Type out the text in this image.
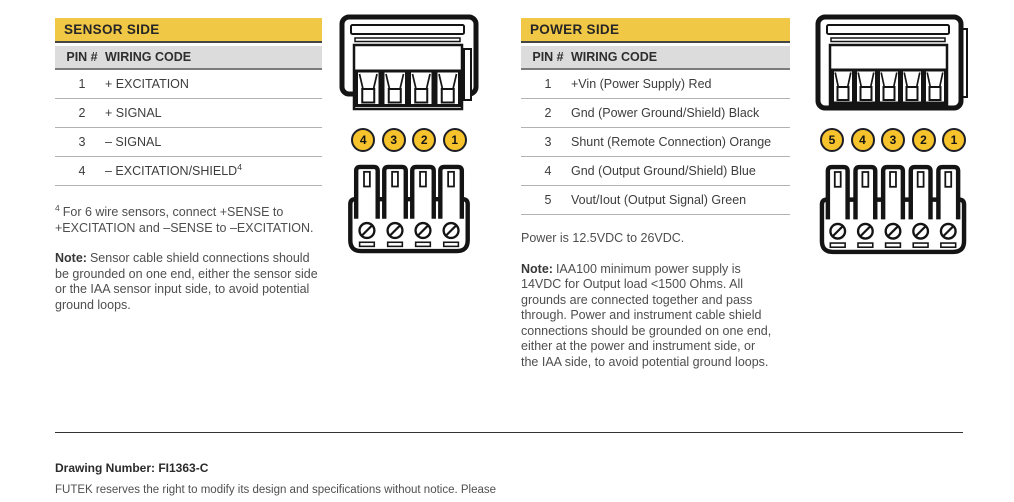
SENSOR SIDE
PIN # WIRING CODE
1	+ EXCITATION
2	+ SIGNAL
3	– SIGNAL
4	– EXCITATION/SHIELD$^4$

$^4$ For 6 wire sensors, connect +SENSE to +EXCITATION and –SENSE to –EXCITATION.

Note: Sensor cable shield connections should be grounded on one end, either the sensor side or the IAA sensor input side, to avoid potential ground loops.

4	3	2	1
POWER SIDE
PIN # WIRING CODE
1	+Vin (Power Supply) Red
2	Gnd (Power Ground/Shield) Black
3	Shunt (Remote Connection) Orange
4	Gnd (Output Ground/Shield) Blue
5	Vout/Iout (Output Signal) Green

Power is 12.5VDC to 26VDC.

Note: IAA100 minimum power supply is 14VDC for Output load <1500 Ohms. All grounds are connected together and pass through. Power and instrument cable shield connections should be grounded on one end, either at the power and instrument side, or the IAA side, to avoid potential ground loops.

5	4	3	2	1
Drawing Number: FI1363-C
FUTEK reserves the right to modify its design and specifications without notice. Please
